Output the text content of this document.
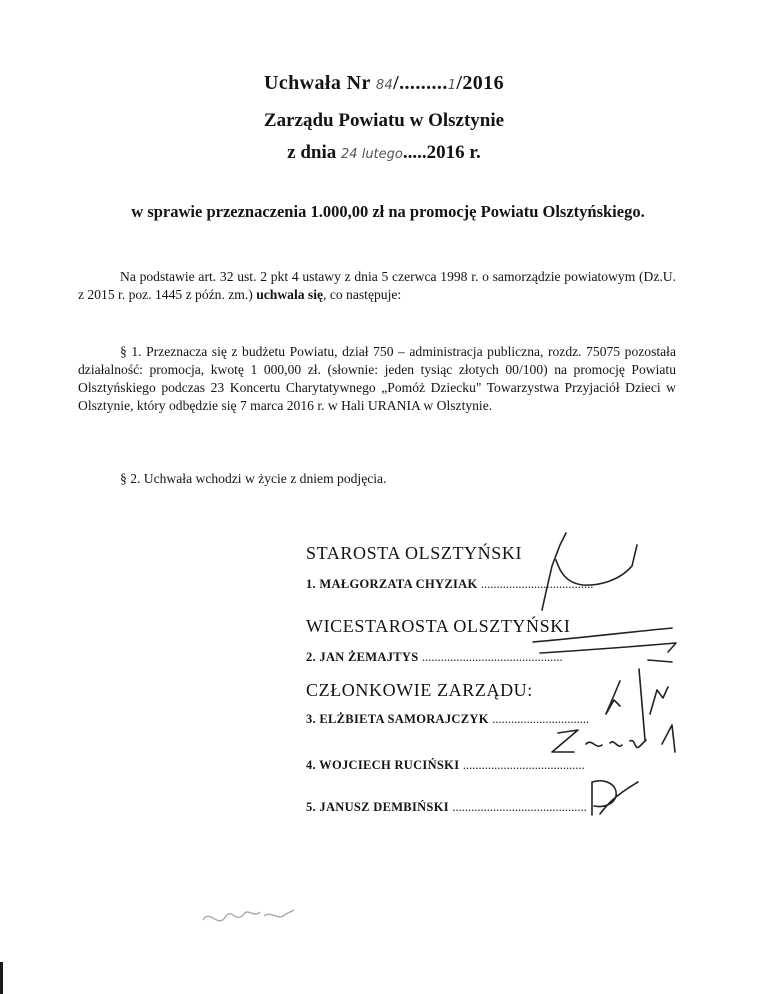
Uchwała Nr 84/.........1/2016
Zarządu Powiatu w Olsztynie
z dnia 24 lutego.....2016 r.
w sprawie przeznaczenia 1.000,00 zł na promocję Powiatu Olsztyńskiego.
Na podstawie art. 32 ust. 2 pkt 4 ustawy z dnia 5 czerwca 1998 r. o samorządzie powiatowym (Dz.U. z 2015 r. poz. 1445 z późn. zm.) uchwala się, co następuje:
§ 1. Przeznacza się z budżetu Powiatu, dział 750 – administracja publiczna, rozdz. 75075 pozostała działalność: promocja, kwotę 1 000,00 zł. (słownie: jeden tysiąc złotych 00/100) na promocję Powiatu Olsztyńskiego podczas 23 Koncertu Charytatywnego „Pomóż Dziecku" Towarzystwa Przyjaciół Dzieci w Olsztynie, który odbędzie się 7 marca 2016 r. w Hali URANIA w Olsztynie.
§ 2. Uchwała wchodzi w życie z dniem podjęcia.
STAROSTA OLSZTYŃSKI
1. MAŁGORZATA CHYZIAK ....................................
WICESTAROSTA OLSZTYŃSKI
2. JAN ŻEMAJTYS .............................................
CZŁONKOWIE ZARZĄDU:
3. ELŻBIETA SAMORAJCZYK ...............................
4. WOJCIECH RUCIŃSKI .......................................
5. JANUSZ DEMBIŃSKI ...........................................
